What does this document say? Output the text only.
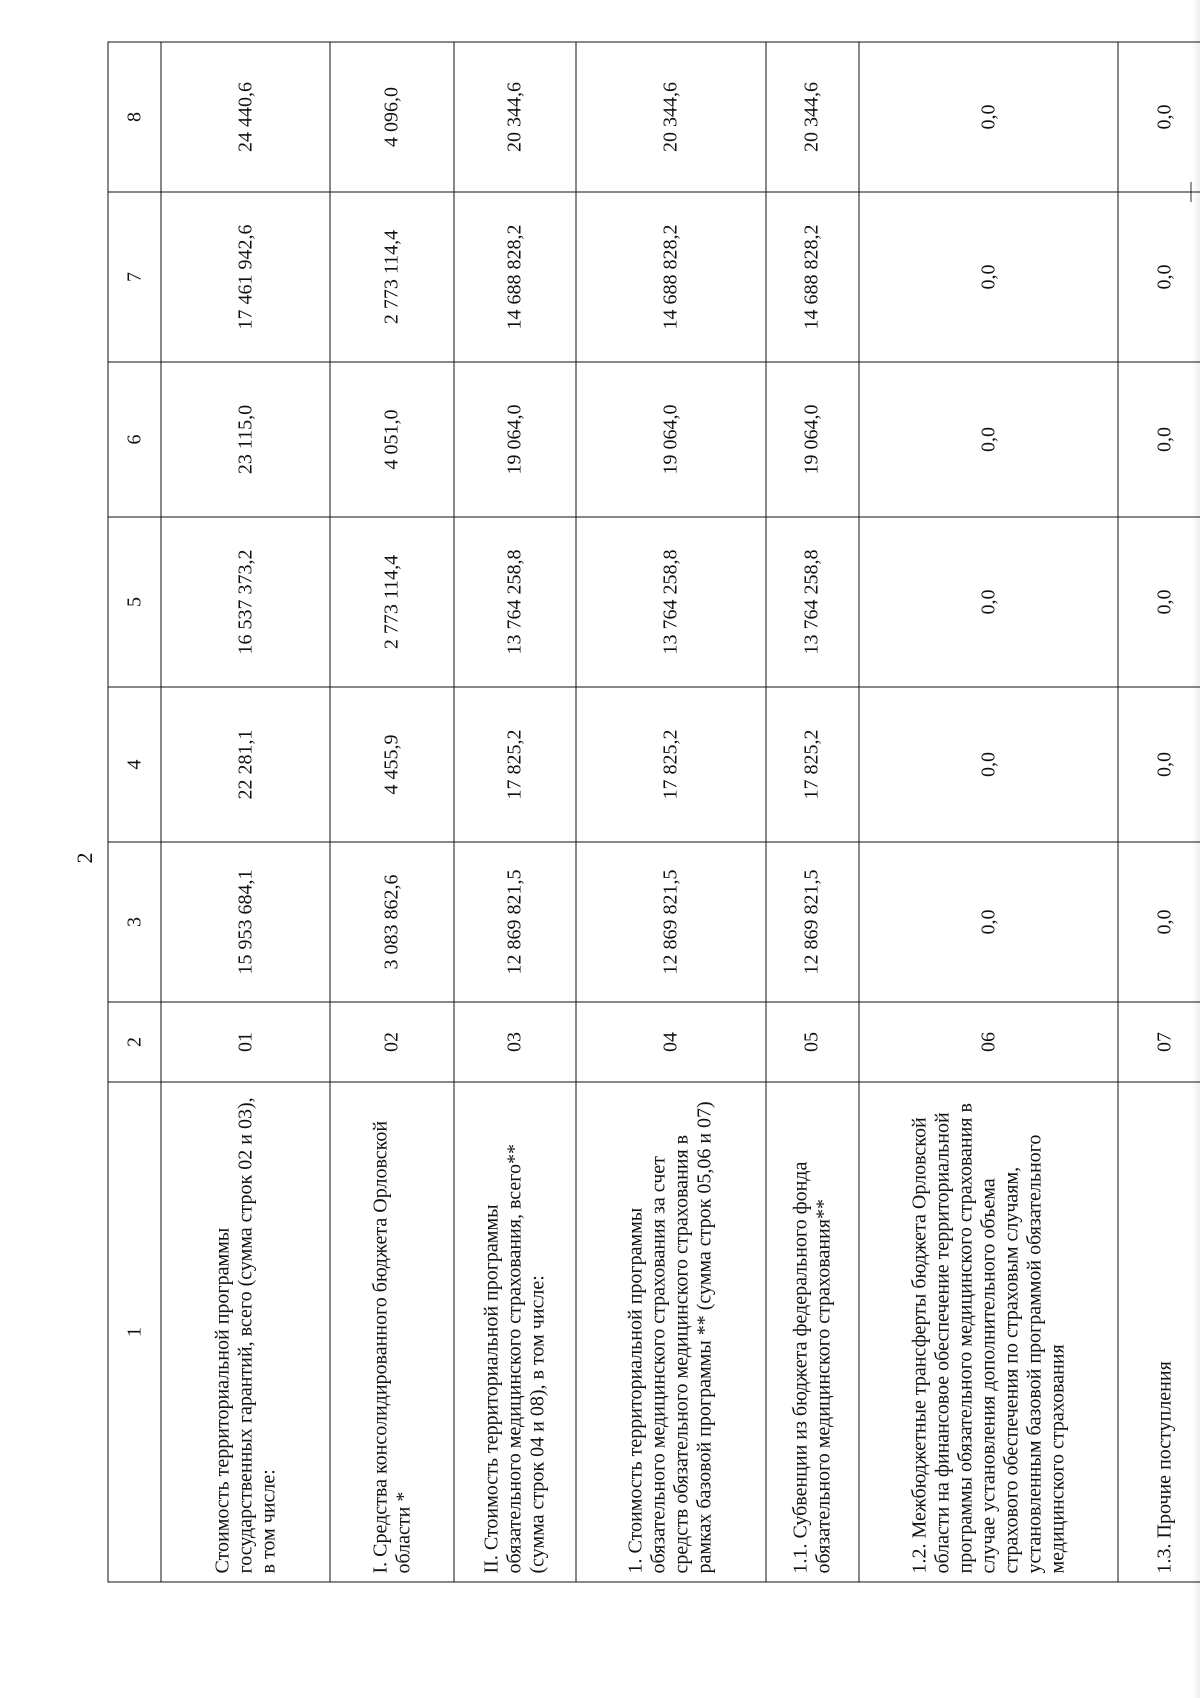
2
1	2	3	4	5	6	7	8
Стоимость территориальной программы государственных гарантий, всего (сумма строк 02 и 03), в том числе:	01	15 953 684,1	22 281,1	16 537 373,2	23 115,0	17 461 942,6	24 440,6
I. Средства консолидированного бюджета Орловской области *	02	3 083 862,6	4 455,9	2 773 114,4	4 051,0	2 773 114,4	4 096,0
II. Стоимость территориальной программы обязательного медицинского страхования, всего** (сумма строк 04 и 08), в том числе:	03	12 869 821,5	17 825,2	13 764 258,8	19 064,0	14 688 828,2	20 344,6
1. Стоимость территориальной программы обязательного медицинского страхования за счет средств обязательного медицинского страхования в рамках базовой программы ** (сумма строк 05,06 и 07)	04	12 869 821,5	17 825,2	13 764 258,8	19 064,0	14 688 828,2	20 344,6
1.1. Субвенции из бюджета федерального фонда обязательного медицинского страхования**	05	12 869 821,5	17 825,2	13 764 258,8	19 064,0	14 688 828,2	20 344,6
1.2. Межбюджетные трансферты бюджета Орловской области на финансовое обеспечение территориальной программы обязательного медицинского страхования в случае установления дополнительного объема страхового обеспечения по страховым случаям, установленным базовой программой обязательного медицинского страхования	06	0,0	0,0	0,0	0,0	0,0	0,0
1.3. Прочие поступления	07	0,0	0,0	0,0	0,0	0,0	0,0
